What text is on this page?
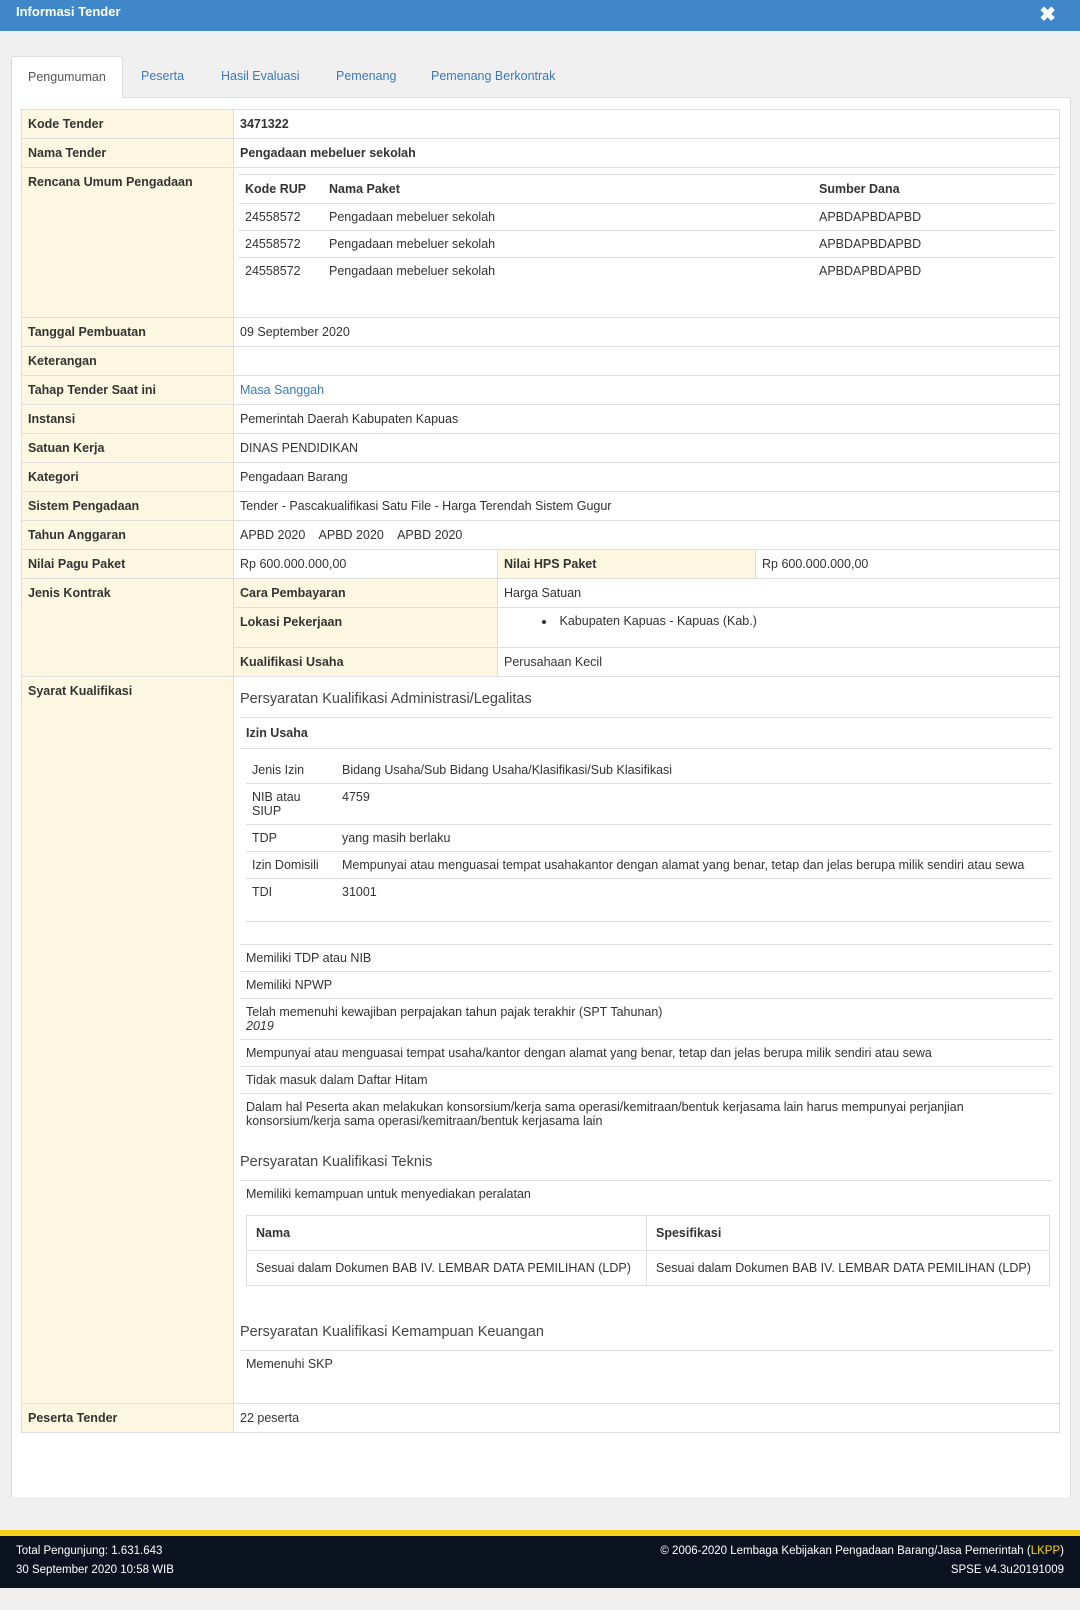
Informasi Tender	✖
Pengumuman	Peserta	Hasil Evaluasi	Pemenang	Pemenang Berkontrak
Kode Tender	3471322
Nama Tender	Pengadaan mebeluer sekolah
Rencana Umum Pengadaan	Kode RUP	Nama Paket	Sumber Dana
24558572	Pengadaan mebeluer sekolah	APBDAPBDAPBD
24558572	Pengadaan mebeluer sekolah	APBDAPBDAPBD
24558572	Pengadaan mebeluer sekolah	APBDAPBDAPBD
Tanggal Pembuatan	09 September 2020
Keterangan
Tahap Tender Saat ini	Masa Sanggah
Instansi	Pemerintah Daerah Kabupaten Kapuas
Satuan Kerja	DINAS PENDIDIKAN
Kategori	Pengadaan Barang
Sistem Pengadaan	Tender - Pascakualifikasi Satu File - Harga Terendah Sistem Gugur
Tahun Anggaran	APBD 2020 APBD 2020 APBD 2020
Nilai Pagu Paket	Rp 600.000.000,00	Nilai HPS Paket	Rp 600.000.000,00
Jenis Kontrak	Cara Pembayaran	Harga Satuan
Lokasi Pekerjaan	• Kabupaten Kapuas - Kapuas (Kab.)
Kualifikasi Usaha	Perusahaan Kecil
Syarat Kualifikasi	Persyaratan Kualifikasi Administrasi/Legalitas
Izin Usaha
Jenis Izin	Bidang Usaha/Sub Bidang Usaha/Klasifikasi/Sub Klasifikasi
NIB atau SIUP	4759
TDP	yang masih berlaku
Izin Domisili	Mempunyai atau menguasai tempat usahakantor dengan alamat yang benar, tetap dan jelas berupa milik sendiri atau sewa
TDI	31001
Memiliki TDP atau NIB
Memiliki NPWP
Telah memenuhi kewajiban perpajakan tahun pajak terakhir (SPT Tahunan)
2019
Mempunyai atau menguasai tempat usaha/kantor dengan alamat yang benar, tetap dan jelas berupa milik sendiri atau sewa
Tidak masuk dalam Daftar Hitam
Dalam hal Peserta akan melakukan konsorsium/kerja sama operasi/kemitraan/bentuk kerjasama lain harus mempunyai perjanjian konsorsium/kerja sama operasi/kemitraan/bentuk kerjasama lain
Persyaratan Kualifikasi Teknis
Memiliki kemampuan untuk menyediakan peralatan
Nama	Spesifikasi
Sesuai dalam Dokumen BAB IV. LEMBAR DATA PEMILIHAN (LDP)	Sesuai dalam Dokumen BAB IV. LEMBAR DATA PEMILIHAN (LDP)
Persyaratan Kualifikasi Kemampuan Keuangan
Memenuhi SKP
Peserta Tender	22 peserta
Total Pengunjung: 1.631.643
30 September 2020 10:58 WIB
© 2006-2020 Lembaga Kebijakan Pengadaan Barang/Jasa Pemerintah (LKPP)
SPSE v4.3u20191009
